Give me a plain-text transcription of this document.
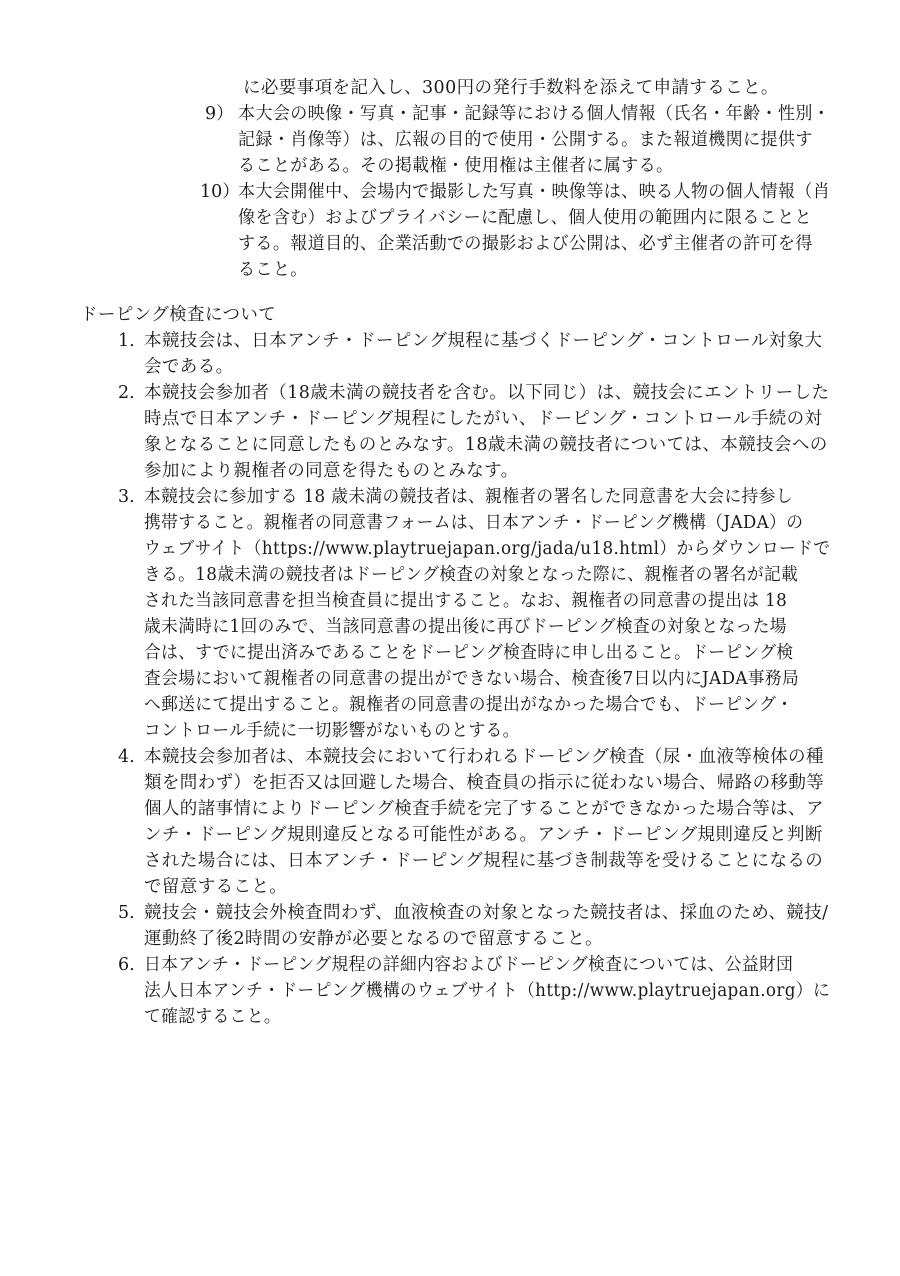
に必要事項を記入し、300円の発行手数料を添えて申請すること。
9） 本大会の映像・写真・記事・記録等における個人情報（氏名・年齢・性別・
記録・肖像等）は、広報の目的で使用・公開する。また報道機関に提供す
ることがある。その掲載権・使用権は主催者に属する。
10）
本大会開催中、会場内で撮影した写真・映像等は、映る人物の個人情報（肖
像を含む）およびプライバシーに配慮し、個人使用の範囲内に限ることと
する。報道目的、企業活動での撮影および公開は、必ず主催者の許可を得
ること。
ドーピング検査について
1. 本競技会は、日本アンチ・ドーピング規程に基づくドーピング・コントロール対象大
会である。
2. 本競技会参加者（18歳未満の競技者を含む。以下同じ）は、競技会にエントリーした
時点で日本アンチ・ドーピング規程にしたがい、ドーピング・コントロール手続の対
象となることに同意したものとみなす。18歳未満の競技者については、本競技会への
参加により親権者の同意を得たものとみなす。
3. 本競技会に参加する 18 歳未満の競技者は、親権者の署名した同意書を大会に持参し
携帯すること。親権者の同意書フォームは、日本アンチ・ドーピング機構（JADA）の
ウェブサイト（https://www.playtruejapan.org/jada/u18.html）からダウンロードで
きる。18歳未満の競技者はドーピング検査の対象となった際に、親権者の署名が記載
された当該同意書を担当検査員に提出すること。なお、親権者の同意書の提出は 18
歳未満時に1回のみで、当該同意書の提出後に再びドーピング検査の対象となった場
合は、すでに提出済みであることをドーピング検査時に申し出ること。ドーピング検
査会場において親権者の同意書の提出ができない場合、検査後7日以内にJADA事務局
へ郵送にて提出すること。親権者の同意書の提出がなかった場合でも、ドーピング・
コントロール手続に一切影響がないものとする。
4. 本競技会参加者は、本競技会において行われるドーピング検査（尿・血液等検体の種
類を問わず）を拒否又は回避した場合、検査員の指示に従わない場合、帰路の移動等
個人的諸事情によりドーピング検査手続を完了することができなかった場合等は、ア
ンチ・ドーピング規則違反となる可能性がある。アンチ・ドーピング規則違反と判断
された場合には、日本アンチ・ドーピング規程に基づき制裁等を受けることになるの
で留意すること。
5. 競技会・競技会外検査問わず、血液検査の対象となった競技者は、採血のため、競技/
運動終了後2時間の安静が必要となるので留意すること。
6. 日本アンチ・ドーピング規程の詳細内容およびドーピング検査については、公益財団
法人日本アンチ・ドーピング機構のウェブサイト（http://www.playtruejapan.org）に
て確認すること。
